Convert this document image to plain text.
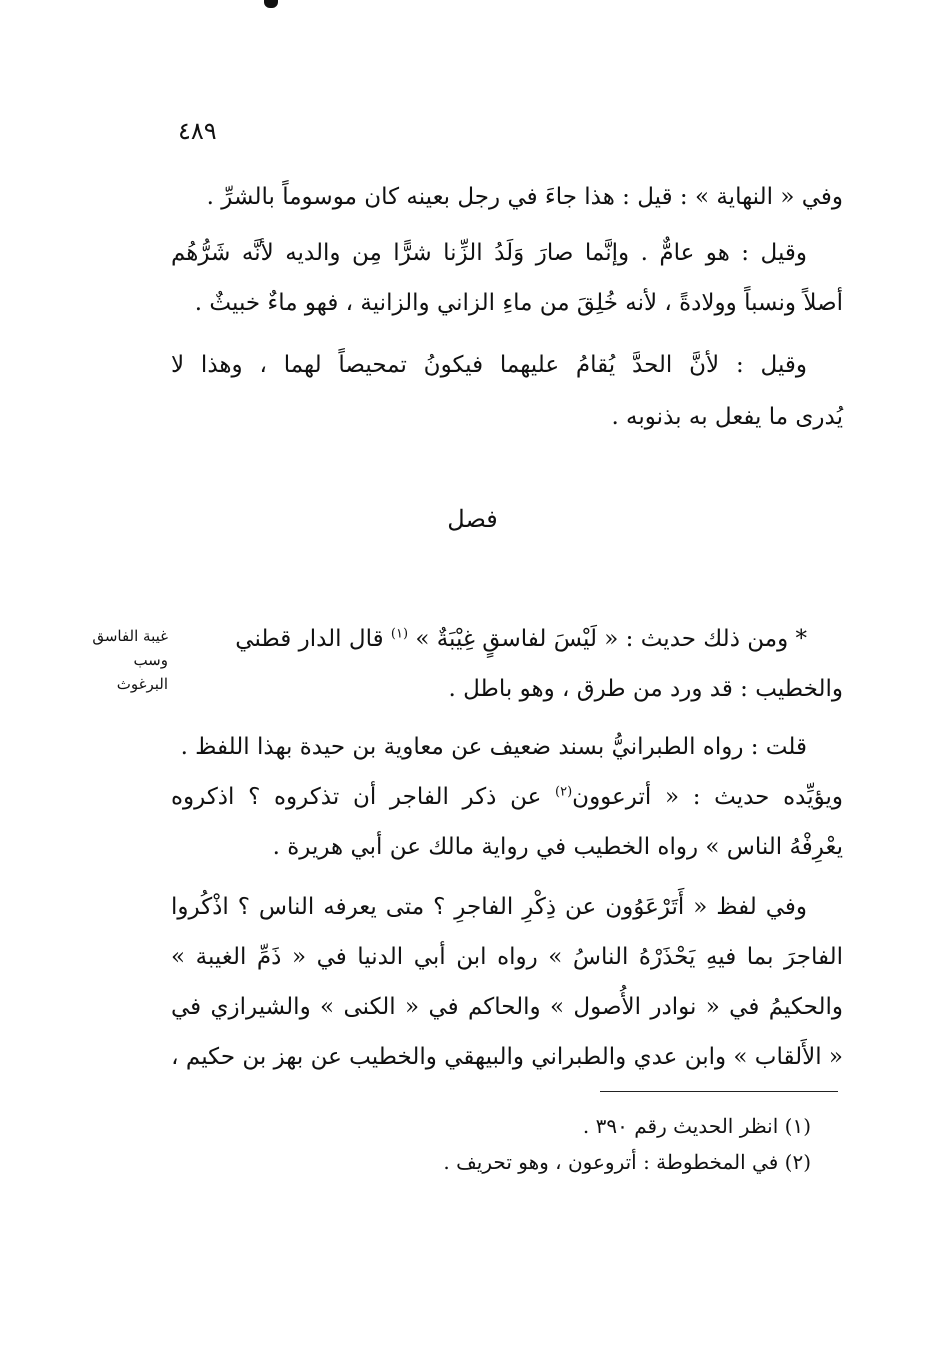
٤٨٩
وفي « النهاية » : قيل : هذا جاءَ في رجل بعينه كان موسوماً بالشرِّ .
وقيل : هو عامٌّ . وإنَّما صارَ وَلَدُ الزِّنا شرًّا مِن والديه لأنَّه شَرُّهُم
أصلاً ونسباً وولادةً ، لأنه خُلِقَ من ماءِ الزاني والزانية ، فهو ماءٌ خبيثٌ .
وقيل : لأنَّ الحدَّ يُقامُ عليهما فيكونُ تمحيصاً لهما ، وهذا لا
يُدرى ما يفعل به بذنوبه .
فصل
* ومن ذلك حديث : « لَيْسَ لفاسقٍ غِيْبَةٌ » $^{(١)}$ قال الدار قطني
والخطيب : قد ورد من طرق ، وهو باطل .
غيبة الفاسق
وسب
البرغوث
قلت : رواه الطبرانيُّ بسند ضعيف عن معاوية بن حيدة بهذا اللفظ .
ويؤيِّده حديث : « أترعوون$^{(٢)}$ عن ذكر الفاجر أن تذكروه ؟ اذكروه
يعْرِفْهُ الناس » رواه الخطيب في رواية مالك عن أبي هريرة .
وفي لفظ « أَتَرْعَوُون عن ذِكْرِ الفاجرِ ؟ متى يعرفه الناس ؟ اذْكُروا
الفاجرَ بما فيهِ يَحْذَرْهُ الناسُ » رواه ابن أبي الدنيا في « ذَمِّ الغيبة »
والحكيمُ في « نوادر الأُصول » والحاكم في « الكنى » والشيرازي في
« الأَلقاب » وابن عدي والطبراني والبيهقي والخطيب عن بهز بن حكيم ،
(١) انظر الحديث رقم ٣٩٠ .
(٢) في المخطوطة : أتروعون ، وهو تحريف .
